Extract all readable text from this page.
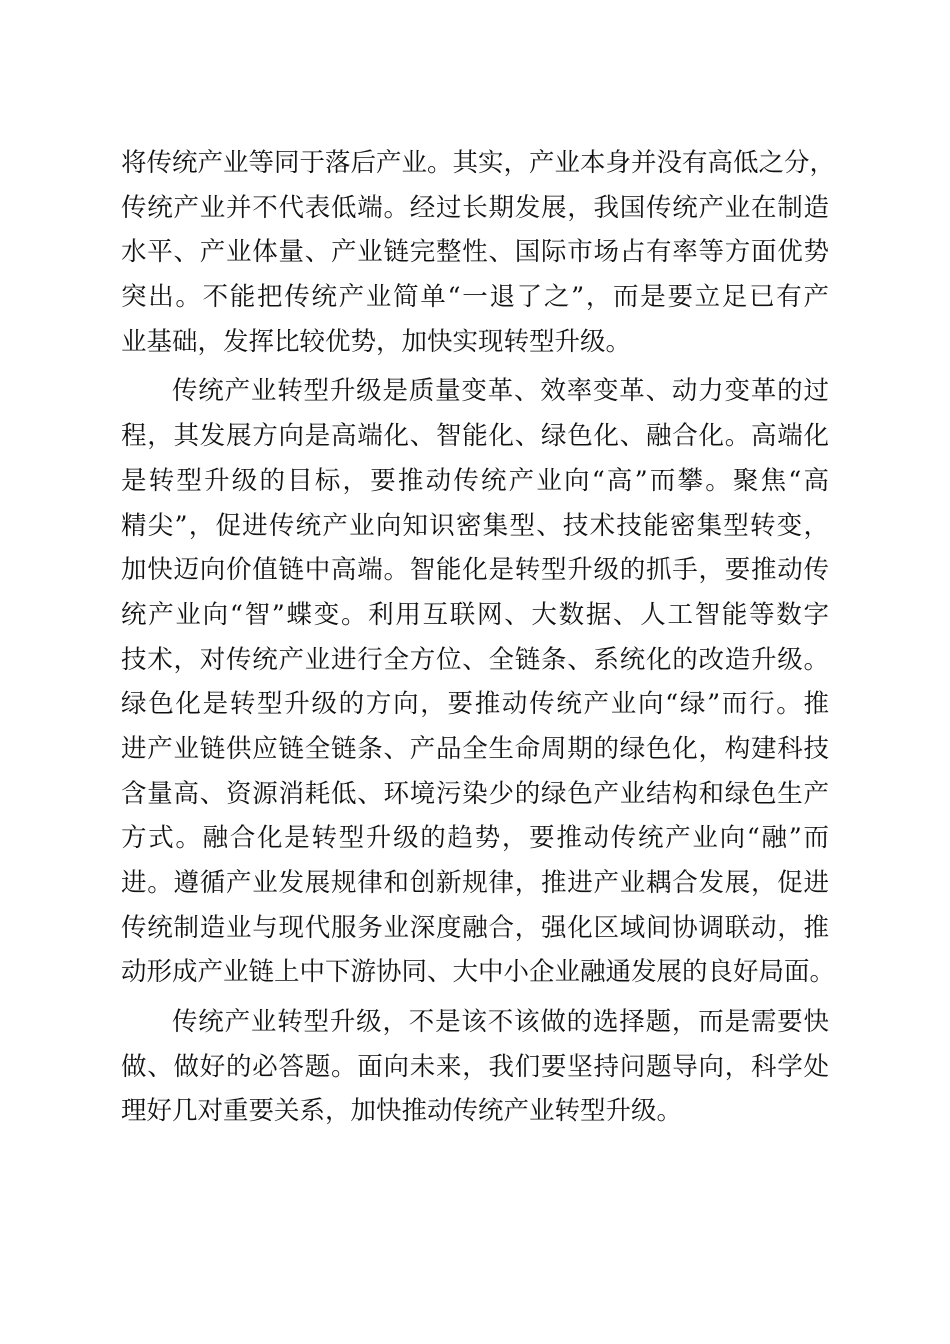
将传统产业等同于落后产业。其实，产业本身并没有高低之分，
传统产业并不代表低端。经过长期发展，我国传统产业在制造
水平、产业体量、产业链完整性、国际市场占有率等方面优势
突出。不能把传统产业简单“一退了之”，而是要立足已有产
业基础，发挥比较优势，加快实现转型升级。
传统产业转型升级是质量变革、效率变革、动力变革的过
程，其发展方向是高端化、智能化、绿色化、融合化。高端化
是转型升级的目标，要推动传统产业向“高”而攀。聚焦“高
精尖”，促进传统产业向知识密集型、技术技能密集型转变，
加快迈向价值链中高端。智能化是转型升级的抓手，要推动传
统产业向“智”蝶变。利用互联网、大数据、人工智能等数字
技术，对传统产业进行全方位、全链条、系统化的改造升级。
绿色化是转型升级的方向，要推动传统产业向“绿”而行。推
进产业链供应链全链条、产品全生命周期的绿色化，构建科技
含量高、资源消耗低、环境污染少的绿色产业结构和绿色生产
方式。融合化是转型升级的趋势，要推动传统产业向“融”而
进。遵循产业发展规律和创新规律，推进产业耦合发展，促进
传统制造业与现代服务业深度融合，强化区域间协调联动，推
动形成产业链上中下游协同、大中小企业融通发展的良好局面。
传统产业转型升级，不是该不该做的选择题，而是需要快
做、做好的必答题。面向未来，我们要坚持问题导向，科学处
理好几对重要关系，加快推动传统产业转型升级。
